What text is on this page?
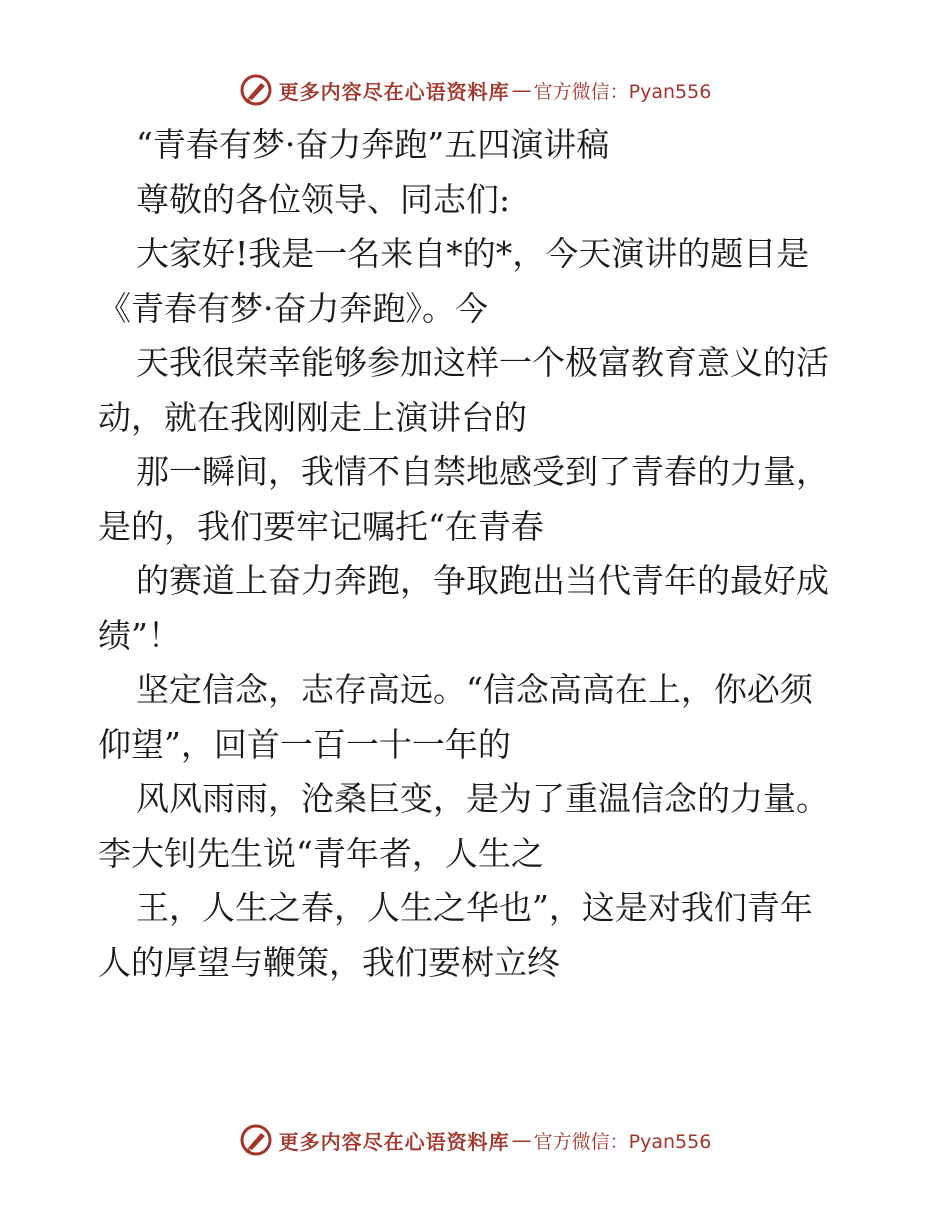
更多内容尽在心语资料库 — 官方微信：Pyan556
“青春有梦·奋力奔跑”五四演讲稿
尊敬的各位领导、同志们:
大家好!我是一名来自*的*，今天演讲的题目是
《青春有梦·奋力奔跑》。今
天我很荣幸能够参加这样一个极富教育意义的活
动，就在我刚刚走上演讲台的
那一瞬间，我情不自禁地感受到了青春的力量，
是的，我们要牢记嘱托“在青春
的赛道上奋力奔跑，争取跑出当代青年的最好成
绩”！
坚定信念，志存高远。“信念高高在上，你必须
仰望”，回首一百一十一年的
风风雨雨，沧桑巨变，是为了重温信念的力量。
李大钊先生说“青年者，人生之
王，人生之春，人生之华也”，这是对我们青年
人的厚望与鞭策，我们要树立终
更多内容尽在心语资料库 — 官方微信：Pyan556
